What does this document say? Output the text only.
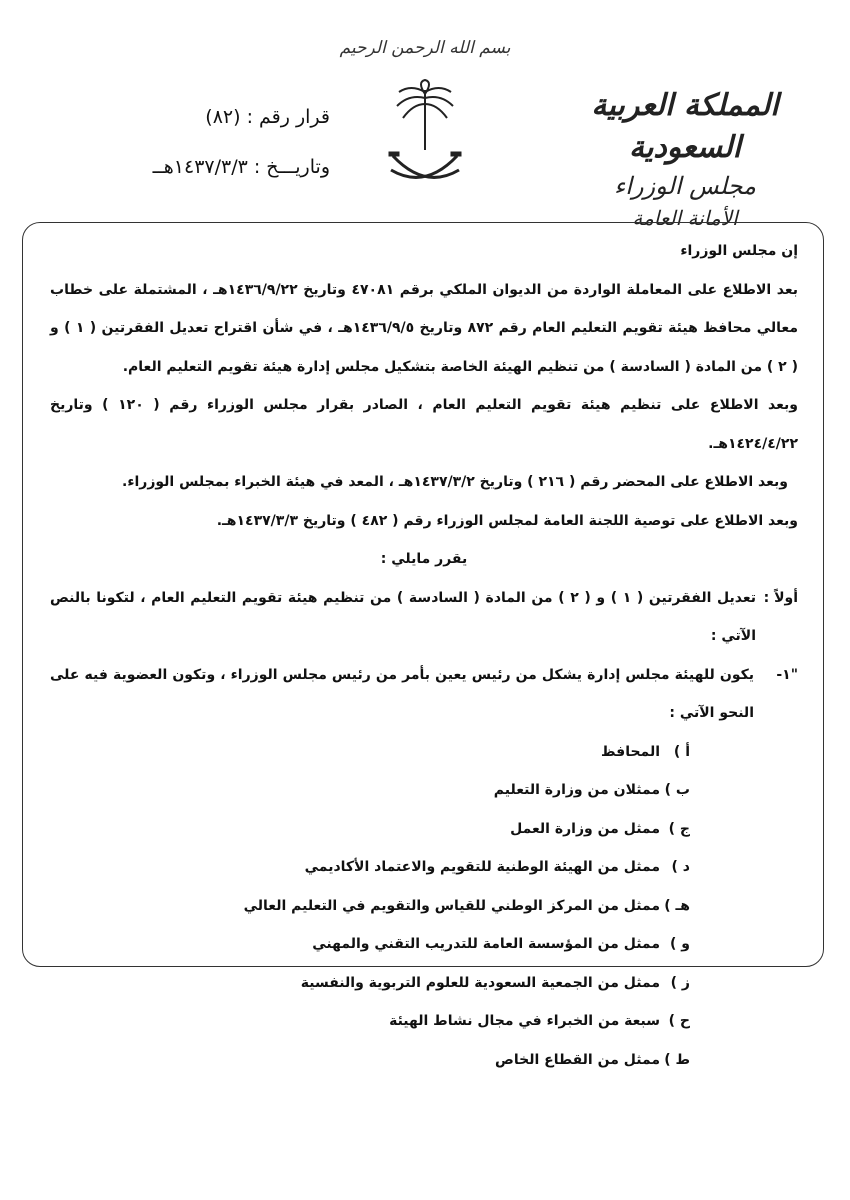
بسم الله الرحمن الرحيم
المملكة العربية السعودية
مجلس الوزراء
الأمانة العامة
قرار رقم : (٨٢)
وتاريـــخ : ١٤٣٧/٣/٣هــ

إن مجلس الوزراء

بعد الاطلاع على المعاملة الواردة من الديوان الملكي برقم ٤٧٠٨١ وتاريخ ١٤٣٦/٩/٢٢هـ ، المشتملة على خطاب معالي محافظ هيئة تقويم التعليم العام رقم ٨٧٢ وتاريخ ١٤٣٦/٩/٥هـ ، في شأن اقتراح تعديل الفقرتين ( ١ ) و ( ٢ ) من المادة ( السادسة ) من تنظيم الهيئة الخاصة بتشكيل مجلس إدارة هيئة تقويم التعليم العام.

وبعد الاطلاع على تنظيم هيئة تقويم التعليم العام ، الصادر بقرار مجلس الوزراء رقم ( ١٢٠ ) وتاريخ ١٤٢٤/٤/٢٢هـ.

وبعد الاطلاع على المحضر رقم ( ٢١٦ ) وتاريخ ١٤٣٧/٣/٢هـ ، المعد في هيئة الخبراء بمجلس الوزراء.

وبعد الاطلاع على توصية اللجنة العامة لمجلس الوزراء رقم ( ٤٨٢ ) وتاريخ ١٤٣٧/٣/٣هـ.

يقرر مايلي :

أولاً :
تعديل الفقرتين ( ١ ) و ( ٢ ) من المادة ( السادسة ) من تنظيم هيئة تقويم التعليم العام ، لتكونا بالنص الآتي :
"١-
يكون للهيئة مجلس إدارة يشكل من رئيس يعين بأمر من رئيس مجلس الوزراء ، وتكون العضوية فيه على النحو الآتي :
أ )
المحافظ
ب )
ممثلان من وزارة التعليم
ج )
ممثل من وزارة العمل
د )
ممثل من الهيئة الوطنية للتقويم والاعتماد الأكاديمي
هـ )
ممثل من المركز الوطني للقياس والتقويم في التعليم العالي
و )
ممثل من المؤسسة العامة للتدريب التقني والمهني
ز )
ممثل من الجمعية السعودية للعلوم التربوية والنفسية
ح )
سبعة من الخبراء في مجال نشاط الهيئة
ط )
ممثل من القطاع الخاص
